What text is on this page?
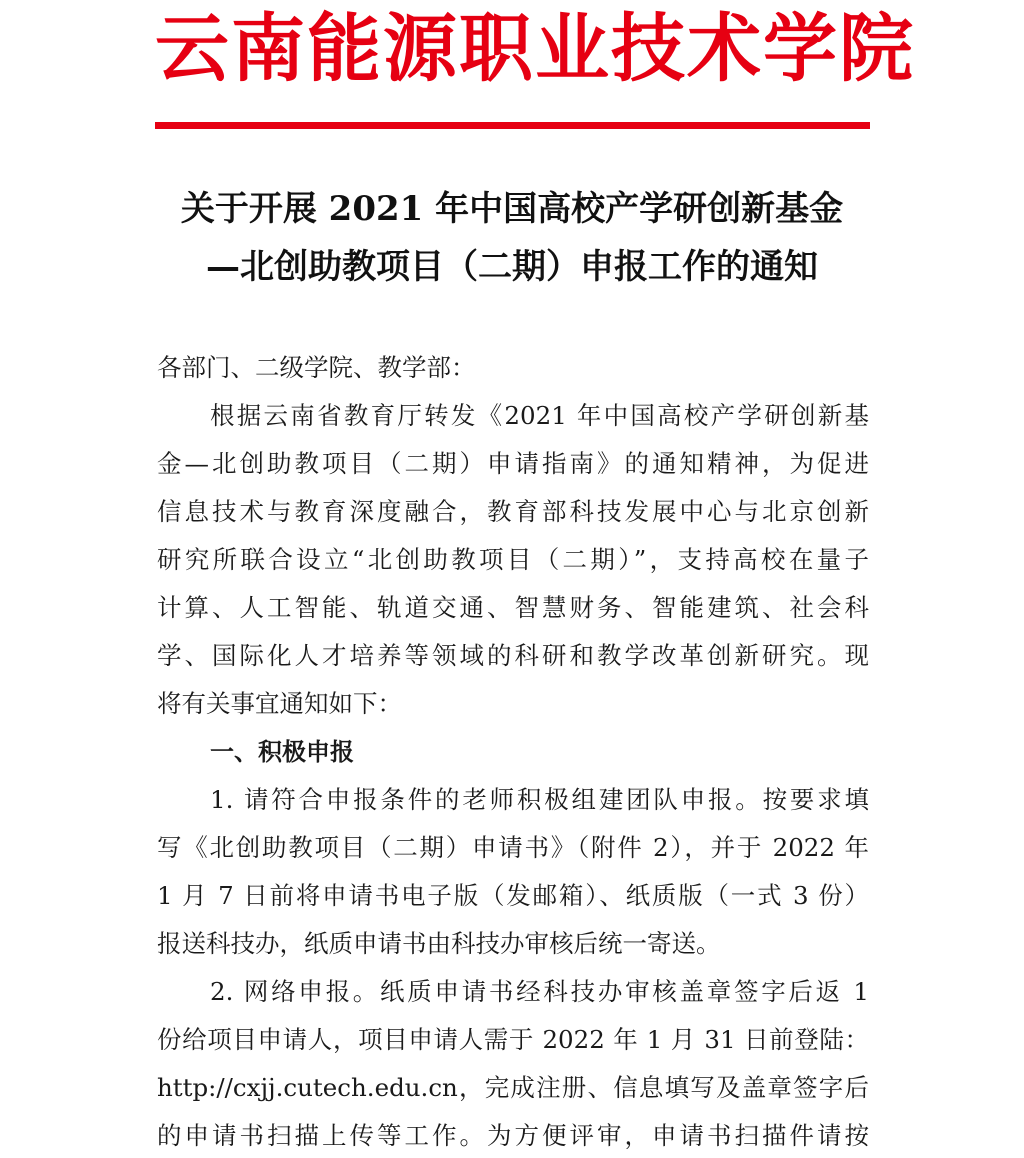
云南能源职业技术学院
关于开展 2021 年中国高校产学研创新基金
—北创助教项目（二期）申报工作的通知
各部门、二级学院、教学部：
根据云南省教育厅转发《2021 年中国高校产学研创新基
金—北创助教项目（二期）申请指南》的通知精神，为促进
信息技术与教育深度融合，教育部科技发展中心与北京创新
研究所联合设立“北创助教项目（二期）”，支持高校在量子
计算、人工智能、轨道交通、智慧财务、智能建筑、社会科
学、国际化人才培养等领域的科研和教学改革创新研究。现
将有关事宜通知如下：
一、积极申报
1. 请符合申报条件的老师积极组建团队申报。按要求填
写《北创助教项目（二期）申请书》（附件 2），并于 2022 年
1 月 7 日前将申请书电子版（发邮箱）、纸质版（一式 3 份）
报送科技办，纸质申请书由科技办审核后统一寄送。
2. 网络申报。纸质申请书经科技办审核盖章签字后返 1
份给项目申请人，项目申请人需于 2022 年 1 月 31 日前登陆：
http://cxjj.cutech.edu.cn，完成注册、信息填写及盖章签字后
的申请书扫描上传等工作。为方便评审，申请书扫描件请按
